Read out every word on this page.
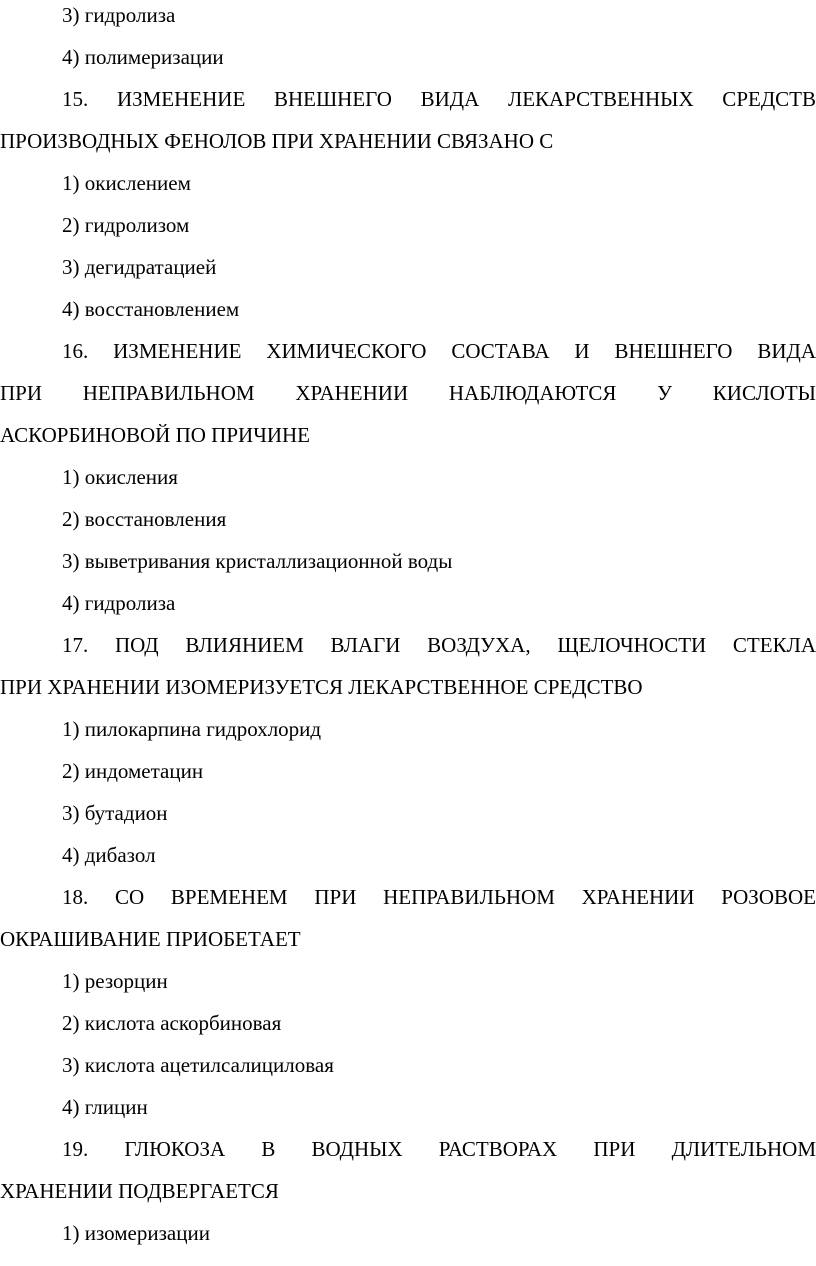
3) гидролиза
4) полимеризации
15. ИЗМЕНЕНИЕ ВНЕШНЕГО ВИДА ЛЕКАРСТВЕННЫХ СРЕДСТВ
ПРОИЗВОДНЫХ ФЕНОЛОВ ПРИ ХРАНЕНИИ СВЯЗАНО С
1) окислением
2) гидролизом
3) дегидратацией
4) восстановлением
16. ИЗМЕНЕНИЕ ХИМИЧЕСКОГО СОСТАВА И ВНЕШНЕГО ВИДА
ПРИ НЕПРАВИЛЬНОМ ХРАНЕНИИ НАБЛЮДАЮТСЯ У КИСЛОТЫ
АСКОРБИНОВОЙ ПО ПРИЧИНЕ
1) окисления
2) восстановления
3) выветривания кристаллизационной воды
4) гидролиза
17. ПОД ВЛИЯНИЕМ ВЛАГИ ВОЗДУХА, ЩЕЛОЧНОСТИ СТЕКЛА
ПРИ ХРАНЕНИИ ИЗОМЕРИЗУЕТСЯ ЛЕКАРСТВЕННОЕ СРЕДСТВО
1) пилокарпина гидрохлорид
2) индометацин
3) бутадион
4) дибазол
18. СО ВРЕМЕНЕМ ПРИ НЕПРАВИЛЬНОМ ХРАНЕНИИ РОЗОВОЕ
ОКРАШИВАНИЕ ПРИОБЕТАЕТ
1) резорцин
2) кислота аскорбиновая
3) кислота ацетилсалициловая
4) глицин
19. ГЛЮКОЗА В ВОДНЫХ РАСТВОРАХ ПРИ ДЛИТЕЛЬНОМ
ХРАНЕНИИ ПОДВЕРГАЕТСЯ
1) изомеризации
